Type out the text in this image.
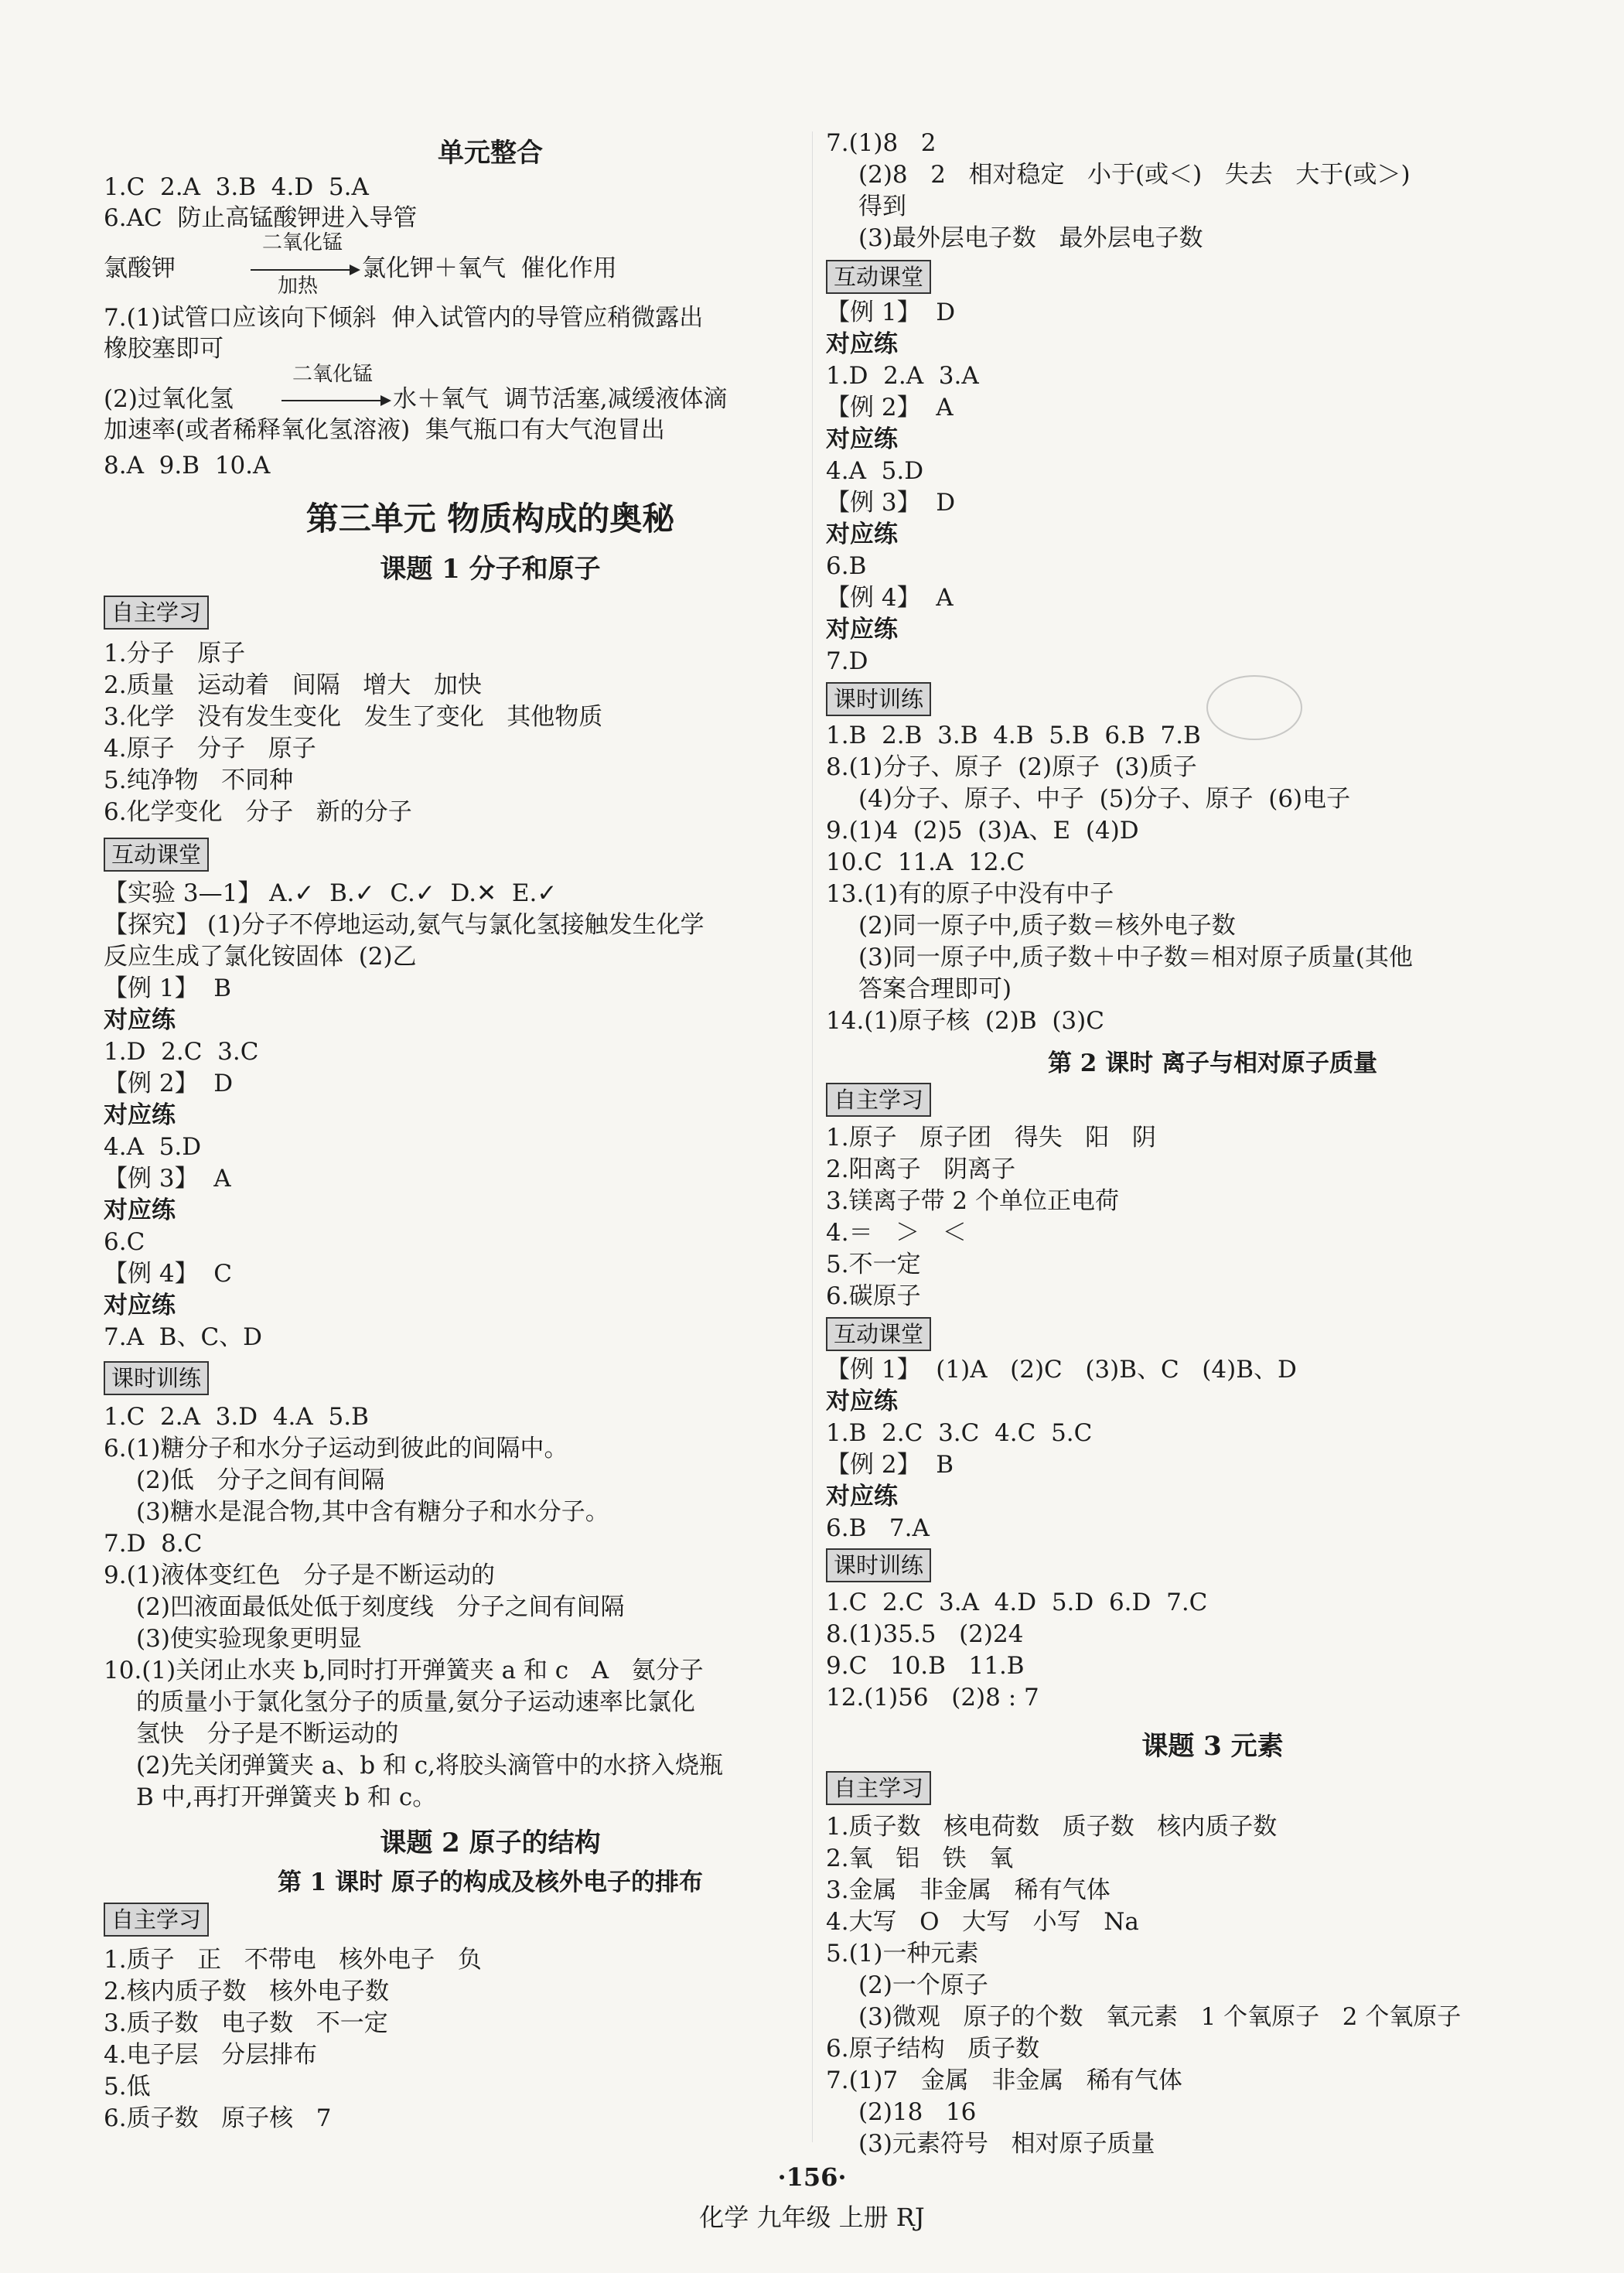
单元整合
1.C  2.A  3.B  4.D  5.A
6.AC  防止高锰酸钾进入导管
氯酸钾
二氧化锰
加热
氯化钾＋氧气  催化作用
7.(1)试管口应该向下倾斜  伸入试管内的导管应稍微露出
橡胶塞即可
(2)过氧化氢
二氧化锰
水＋氧气  调节活塞,减缓液体滴
加速率(或者稀释氧化氢溶液)  集气瓶口有大气泡冒出
8.A  9.B  10.A
第三单元 物质构成的奥秘
课题 1 分子和原子
自主学习
1.分子   原子
2.质量   运动着   间隔   增大   加快
3.化学   没有发生变化   发生了变化   其他物质
4.原子   分子   原子
5.纯净物   不同种
6.化学变化   分子   新的分子
互动课堂
【实验 3—1】 A.✓  B.✓  C.✓  D.✕  E.✓
【探究】 (1)分子不停地运动,氨气与氯化氢接触发生化学
反应生成了氯化铵固体  (2)乙
【例 1】  B
对应练
1.D  2.C  3.C
【例 2】  D
对应练
4.A  5.D
【例 3】  A
对应练
6.C
【例 4】  C
对应练
7.A  B、C、D
课时训练
1.C  2.A  3.D  4.A  5.B
6.(1)糖分子和水分子运动到彼此的间隔中。
(2)低   分子之间有间隔
(3)糖水是混合物,其中含有糖分子和水分子。
7.D  8.C
9.(1)液体变红色   分子是不断运动的
(2)凹液面最低处低于刻度线   分子之间有间隔
(3)使实验现象更明显
10.(1)关闭止水夹 b,同时打开弹簧夹 a 和 c   A   氨分子
的质量小于氯化氢分子的质量,氨分子运动速率比氯化
氢快   分子是不断运动的
(2)先关闭弹簧夹 a、b 和 c,将胶头滴管中的水挤入烧瓶
B 中,再打开弹簧夹 b 和 c。
课题 2 原子的结构
第 1 课时 原子的构成及核外电子的排布
自主学习
1.质子   正   不带电   核外电子   负
2.核内质子数   核外电子数
3.质子数   电子数   不一定
4.电子层   分层排布
5.低
6.质子数   原子核   7
7.(1)8   2
(2)8   2   相对稳定   小于(或＜)   失去   大于(或＞)
得到
(3)最外层电子数   最外层电子数
互动课堂
【例 1】  D
对应练
1.D  2.A  3.A
【例 2】  A
对应练
4.A  5.D
【例 3】  D
对应练
6.B
【例 4】  A
对应练
7.D
课时训练
1.B  2.B  3.B  4.B  5.B  6.B  7.B
8.(1)分子、原子  (2)原子  (3)质子
(4)分子、原子、中子  (5)分子、原子  (6)电子
9.(1)4  (2)5  (3)A、E  (4)D
10.C  11.A  12.C
13.(1)有的原子中没有中子
(2)同一原子中,质子数＝核外电子数
(3)同一原子中,质子数＋中子数＝相对原子质量(其他
答案合理即可)
14.(1)原子核  (2)B  (3)C
第 2 课时 离子与相对原子质量
自主学习
1.原子   原子团   得失   阳   阴
2.阳离子   阴离子
3.镁离子带 2 个单位正电荷
4.＝   ＞   ＜
5.不一定
6.碳原子
互动课堂
【例 1】  (1)A   (2)C   (3)B、C   (4)B、D
对应练
1.B  2.C  3.C  4.C  5.C
【例 2】  B
对应练
6.B   7.A
课时训练
1.C  2.C  3.A  4.D  5.D  6.D  7.C
8.(1)35.5   (2)24
9.C   10.B   11.B
12.(1)56   (2)8 : 7
课题 3 元素
自主学习
1.质子数   核电荷数   质子数   核内质子数
2.氧   铝   铁   氧
3.金属   非金属   稀有气体
4.大写   O   大写   小写   Na
5.(1)一种元素
(2)一个原子
(3)微观   原子的个数   氧元素   1 个氧原子   2 个氧原子
6.原子结构   质子数
7.(1)7   金属   非金属   稀有气体
(2)18   16
(3)元素符号   相对原子质量
·156·
化学 九年级 上册 RJ
